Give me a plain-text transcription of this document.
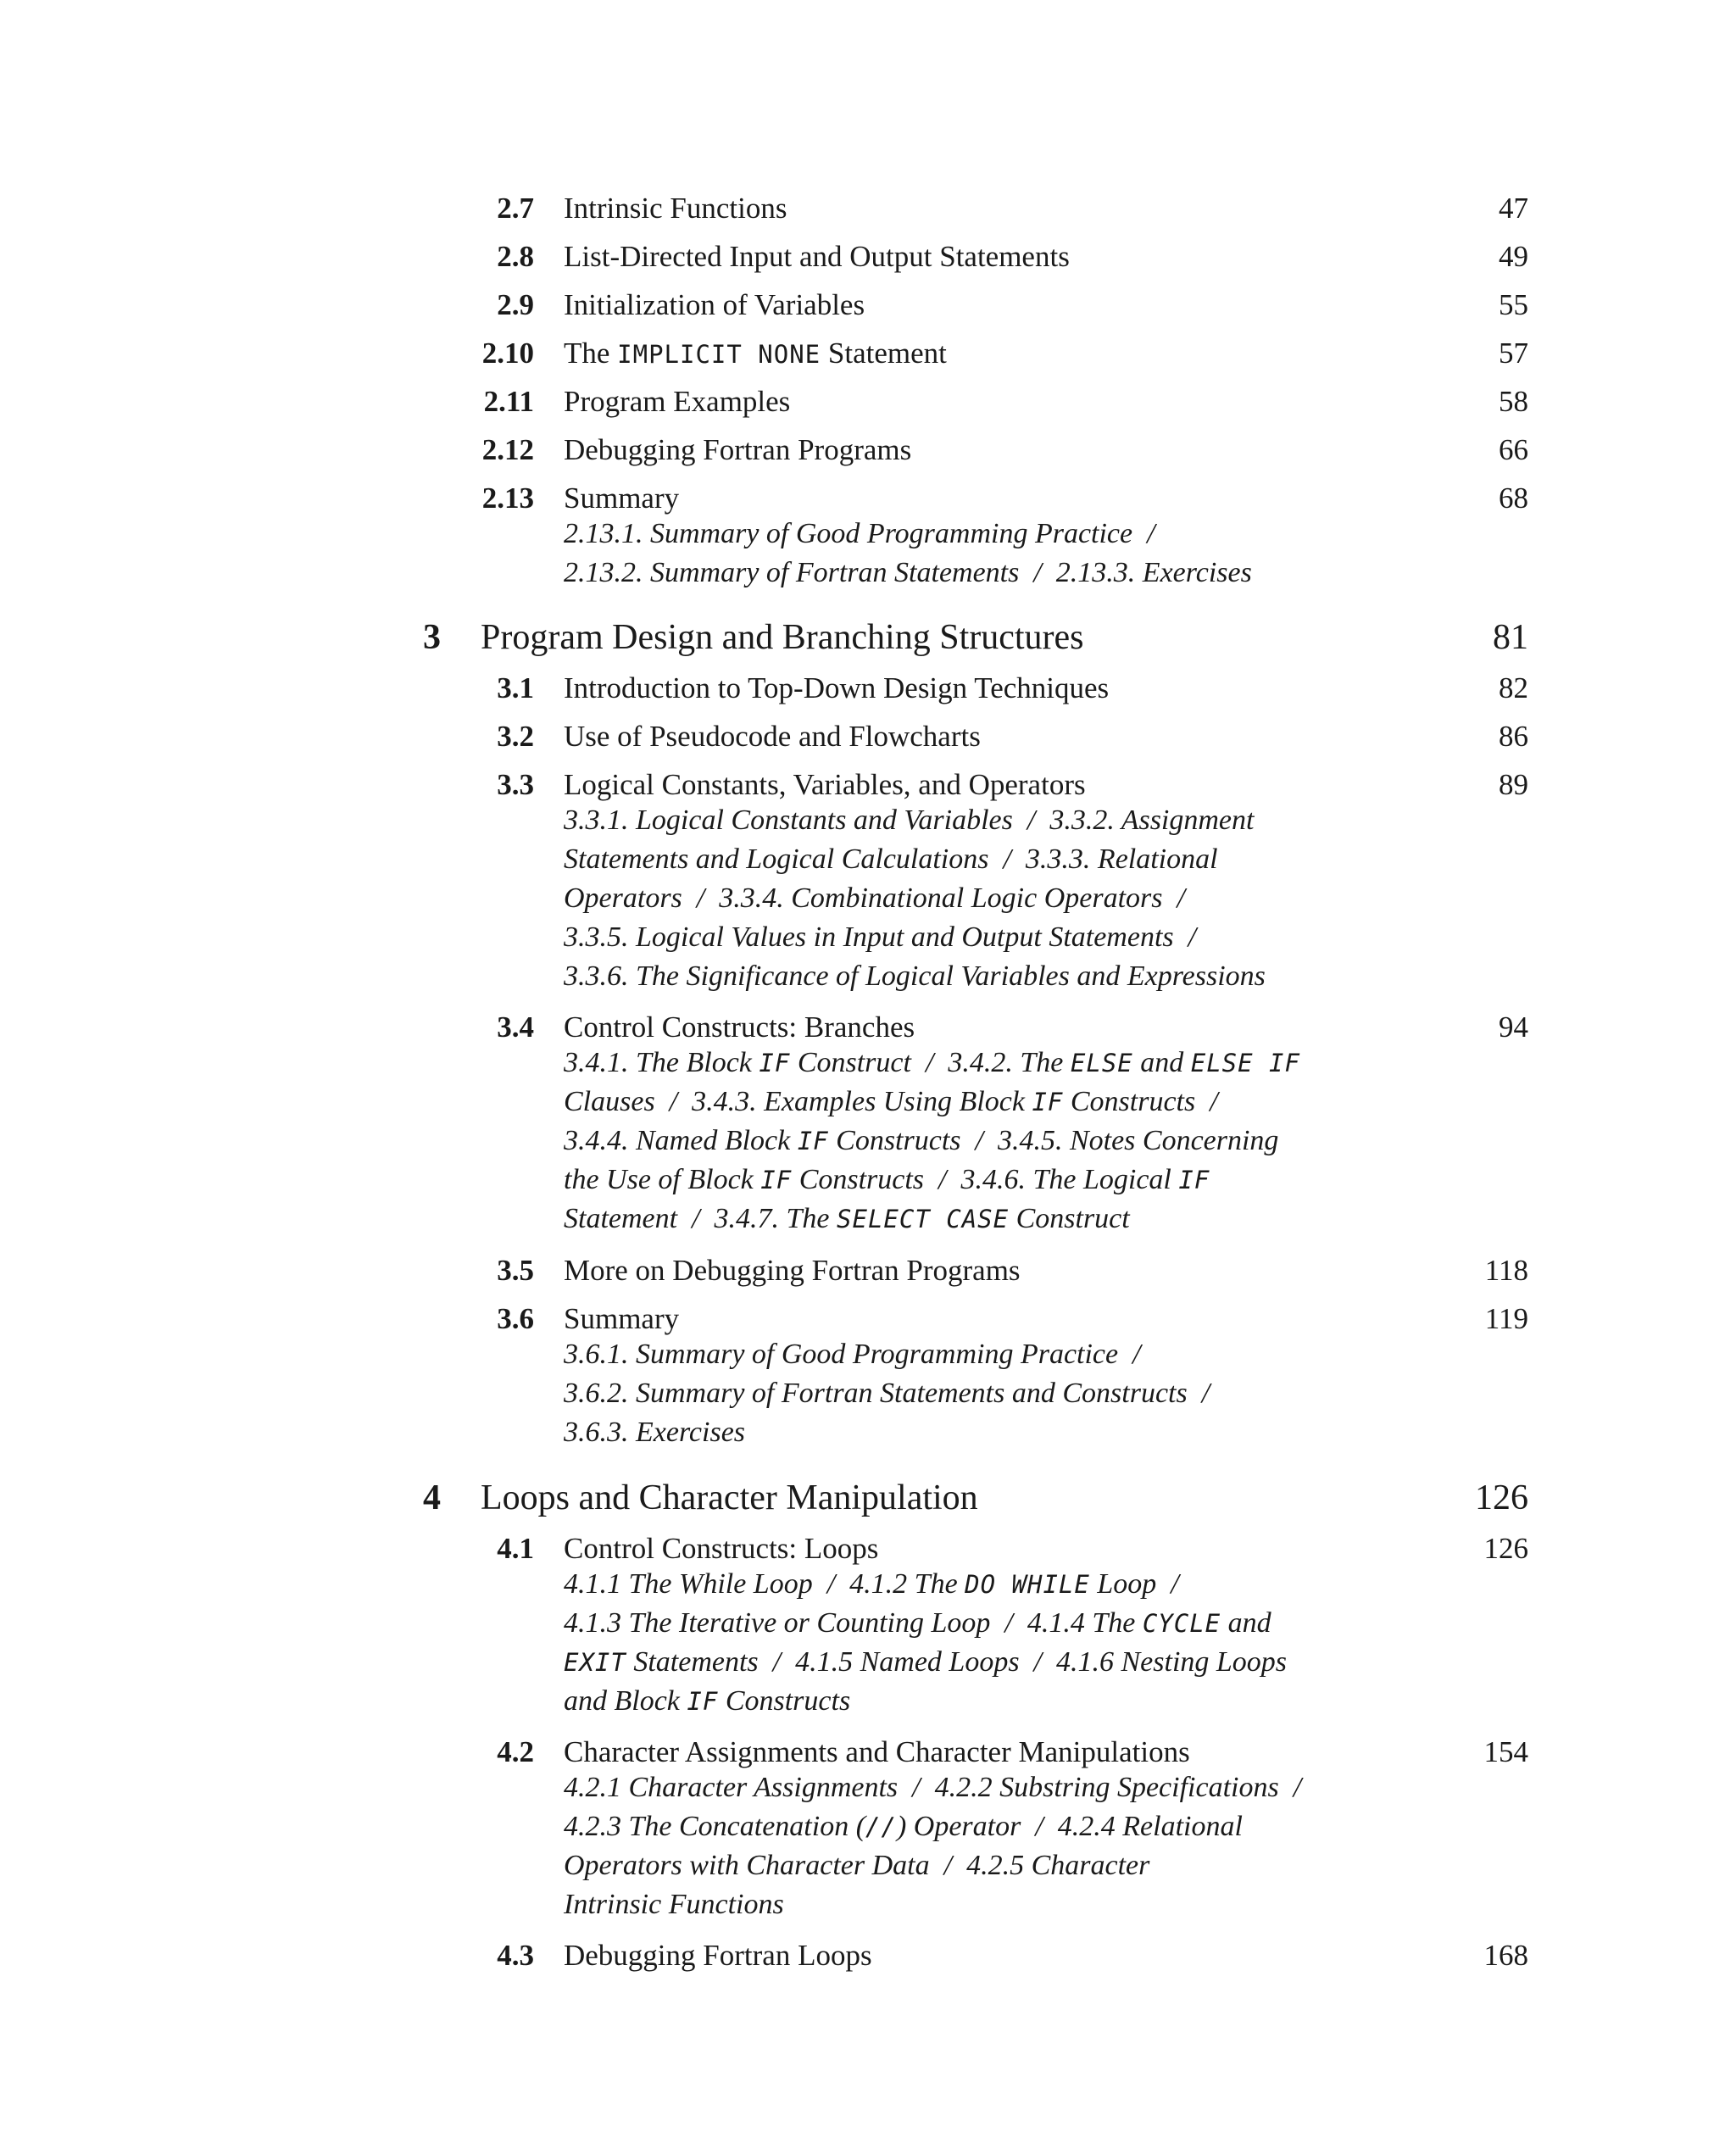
2.7 Intrinsic Functions	47
2.8 List-Directed Input and Output Statements	49
2.9 Initialization of Variables	55
2.10 The IMPLICIT NONE Statement	57
2.11 Program Examples	58
2.12 Debugging Fortran Programs	66
2.13 Summary	68
2.13.1. Summary of Good Programming Practice  /
2.13.2. Summary of Fortran Statements  /  2.13.3. Exercises
3 Program Design and Branching Structures	81
3.1 Introduction to Top-Down Design Techniques	82
3.2 Use of Pseudocode and Flowcharts	86
3.3 Logical Constants, Variables, and Operators	89
3.3.1. Logical Constants and Variables  /  3.3.2. Assignment
Statements and Logical Calculations  /  3.3.3. Relational
Operators  /  3.3.4. Combinational Logic Operators  /
3.3.5. Logical Values in Input and Output Statements  /
3.3.6. The Significance of Logical Variables and Expressions
3.4 Control Constructs: Branches	94
3.4.1. The Block IF Construct  /  3.4.2. The ELSE and ELSE IF
Clauses  /  3.4.3. Examples Using Block IF Constructs  /
3.4.4. Named Block IF Constructs  /  3.4.5. Notes Concerning
the Use of Block IF Constructs  /  3.4.6. The Logical IF
Statement  /  3.4.7. The SELECT CASE Construct
3.5 More on Debugging Fortran Programs	118
3.6 Summary	119
3.6.1. Summary of Good Programming Practice  /
3.6.2. Summary of Fortran Statements and Constructs  /
3.6.3. Exercises
4 Loops and Character Manipulation	126
4.1 Control Constructs: Loops	126
4.1.1 The While Loop  /  4.1.2 The DO WHILE Loop  /
4.1.3 The Iterative or Counting Loop  /  4.1.4 The CYCLE and
EXIT Statements  /  4.1.5 Named Loops  /  4.1.6 Nesting Loops
and Block IF Constructs
4.2 Character Assignments and Character Manipulations	154
4.2.1 Character Assignments  /  4.2.2 Substring Specifications  /
4.2.3 The Concatenation (//) Operator  /  4.2.4 Relational
Operators with Character Data  /  4.2.5 Character
Intrinsic Functions
4.3 Debugging Fortran Loops	168
